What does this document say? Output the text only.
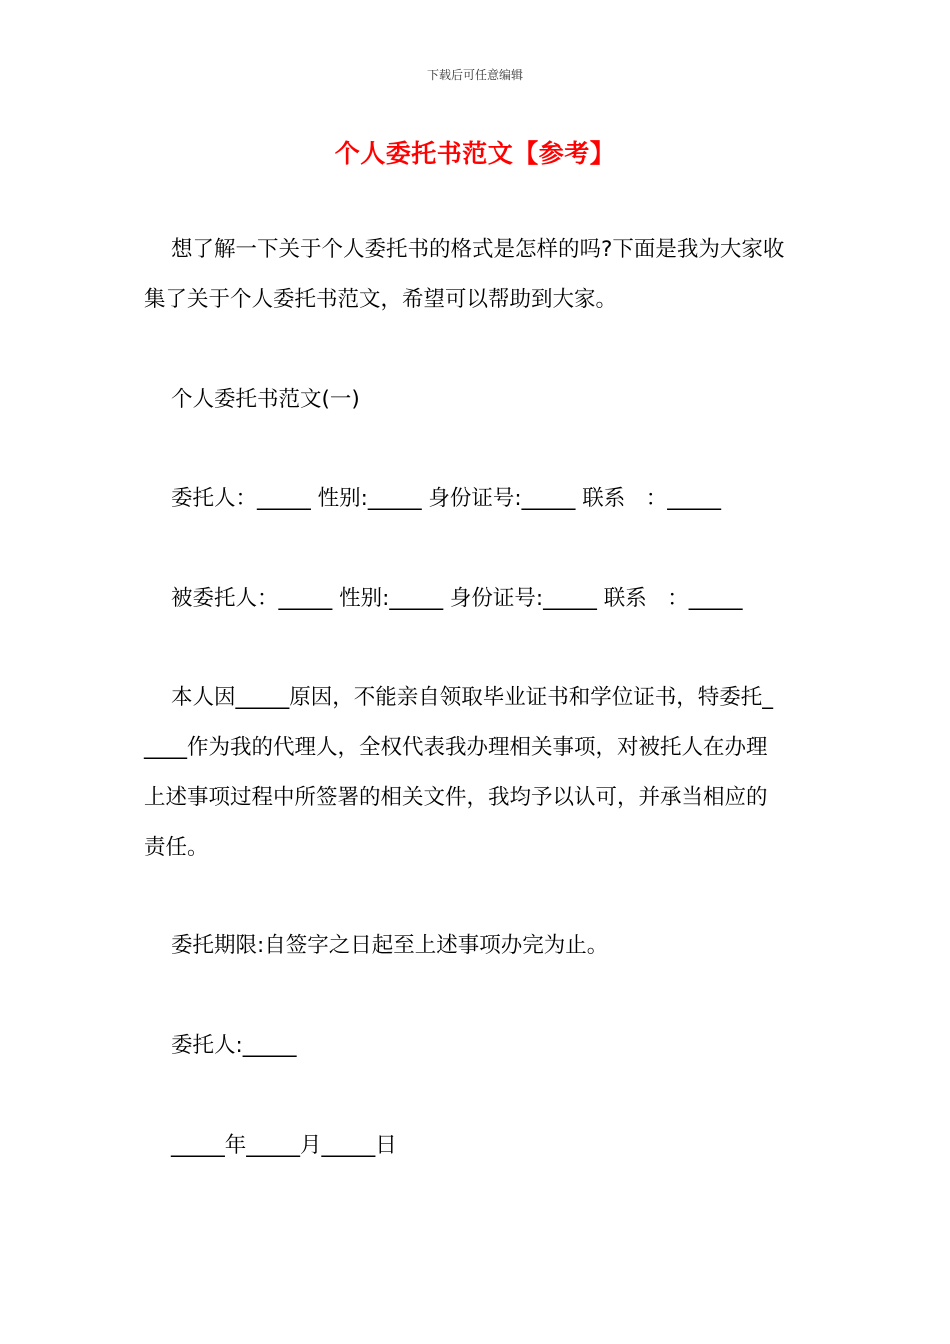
下载后可任意编辑
个人委托书范文【参考】
想了解一下关于个人委托书的格式是怎样的吗?下面是我为大家收
集了关于个人委托书范文，希望可以帮助到大家。
个人委托书范文(一)
委托人：_____ 性别:_____ 身份证号:_____ 联系   ：_____
被委托人：_____ 性别:_____ 身份证号:_____ 联系   ：_____
本人因_____原因，不能亲自领取毕业证书和学位证书，特委托_
____作为我的代理人，全权代表我办理相关事项，对被托人在办理
上述事项过程中所签署的相关文件，我均予以认可，并承当相应的
责任。
委托期限:自签字之日起至上述事项办完为止。
委托人:_____
_____年_____月_____日
